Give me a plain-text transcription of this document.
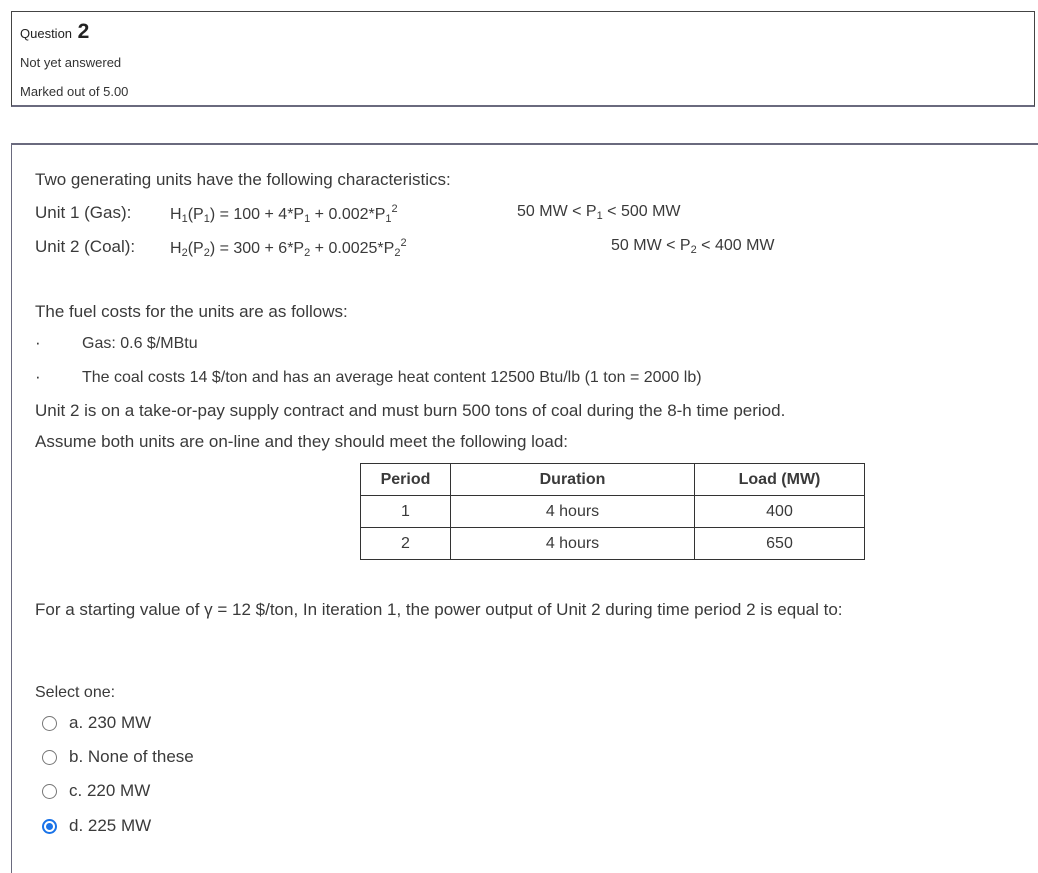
Question 2
Not yet answered
Marked out of 5.00
Two generating units have the following characteristics:
Unit 1 (Gas): $H_1(P_1) = 100 + 4*P_1 + 0.002*P_1^2$	50 MW < $P_1 < 500$ MW
Unit 2 (Coal): $H_2(P_2) = 300 + 6*P_2 + 0.0025*P_2^2$	50 MW < $P_2 < 400$ MW
The fuel costs for the units are as follows:
·	Gas: 0.6 $/MBtu
·	The coal costs 14 $/ton and has an average heat content 12500 Btu/lb (1 ton = 2000 lb)
Unit 2 is on a take-or-pay supply contract and must burn 500 tons of coal during the 8-h time period.
Assume both units are on-line and they should meet the following load:
Period	Duration	Load (MW)
1	4 hours	400
2	4 hours	650
For a starting value of γ = 12 $/ton, In iteration 1, the power output of Unit 2 during time period 2 is equal to:
Select one:
a. 230 MW
b. None of these
c. 220 MW
d. 225 MW
